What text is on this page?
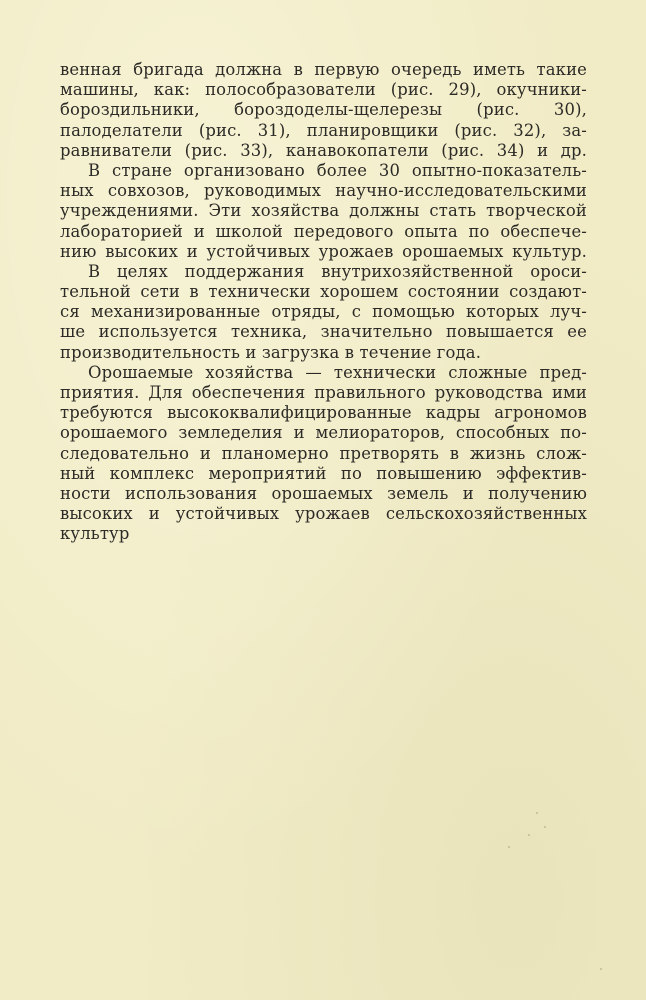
венная бригада должна в первую очередь иметь такие
машины, как: полособразователи (рис. 29), окучники-
бороздильники, бороздоделы-щелерезы (рис. 30),
палоделатели (рис. 31), планировщики (рис. 32), за-
равниватели (рис. 33), канавокопатели (рис. 34) и др.
В стране организовано более 30 опытно-показатель-
ных совхозов, руководимых научно-исследовательскими
учреждениями. Эти хозяйства должны стать творческой
лабораторией и школой передового опыта по обеспече-
нию высоких и устойчивых урожаев орошаемых культур.
В целях поддержания внутрихозяйственной ороси-
тельной сети в технически хорошем состоянии создают-
ся механизированные отряды, с помощью которых луч-
ше используется техника, значительно повышается ее
производительность и загрузка в течение года.
Орошаемые хозяйства — технически сложные пред-
приятия. Для обеспечения правильного руководства ими
требуются высококвалифицированные кадры агрономов
орошаемого земледелия и мелиораторов, способных по-
следовательно и планомерно претворять в жизнь слож-
ный комплекс мероприятий по повышению эффектив-
ности использования орошаемых земель и получению
высоких и устойчивых урожаев сельскохозяйственных
культур
